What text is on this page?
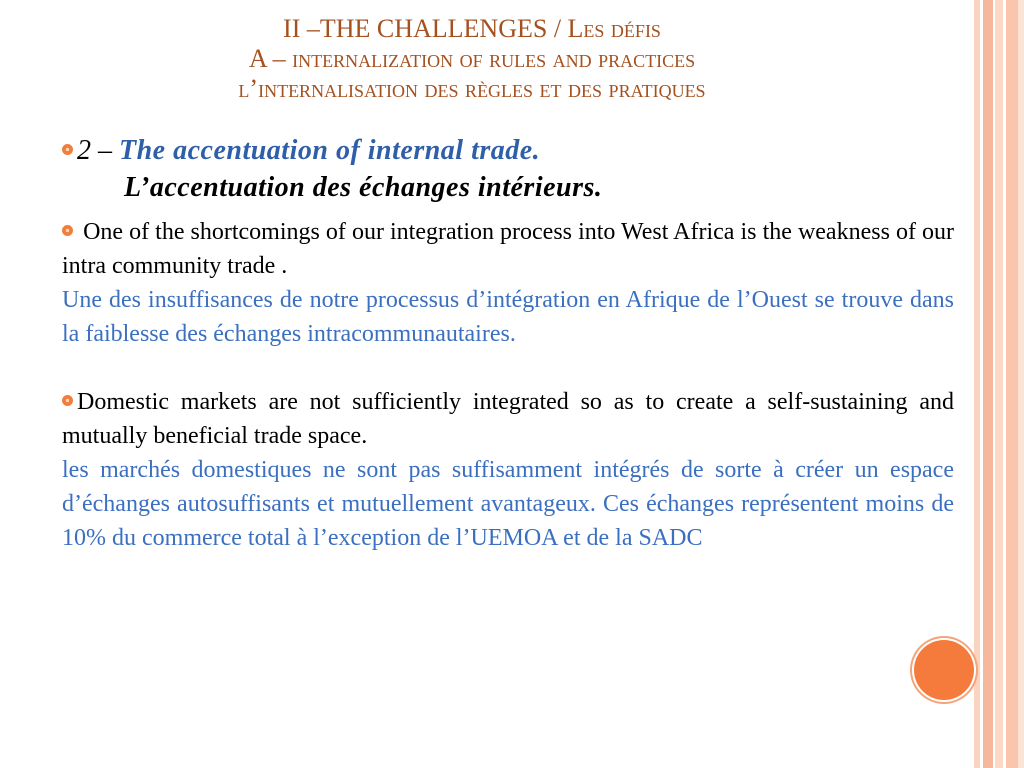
II –THE CHALLENGES / Les défis
A – internalization of rules and practices
l’internalisation des règles et des pratiques
2 – The accentuation of internal trade.
L’accentuation des échanges intérieurs.

One of the shortcomings of our integration process into West Africa is the weakness of our intra community trade .

Une des insuffisances de notre processus d’intégration en Afrique de l’Ouest se trouve dans la faiblesse des échanges intracommunautaires.

Domestic markets are not sufficiently integrated so as to create a self-sustaining and mutually beneficial trade space.

les marchés domestiques ne sont pas suffisamment intégrés de sorte à créer un espace d’échanges autosuffisants et mutuellement avantageux. Ces échanges représentent moins de 10% du commerce total à l’exception de l’UEMOA et de la SADC
